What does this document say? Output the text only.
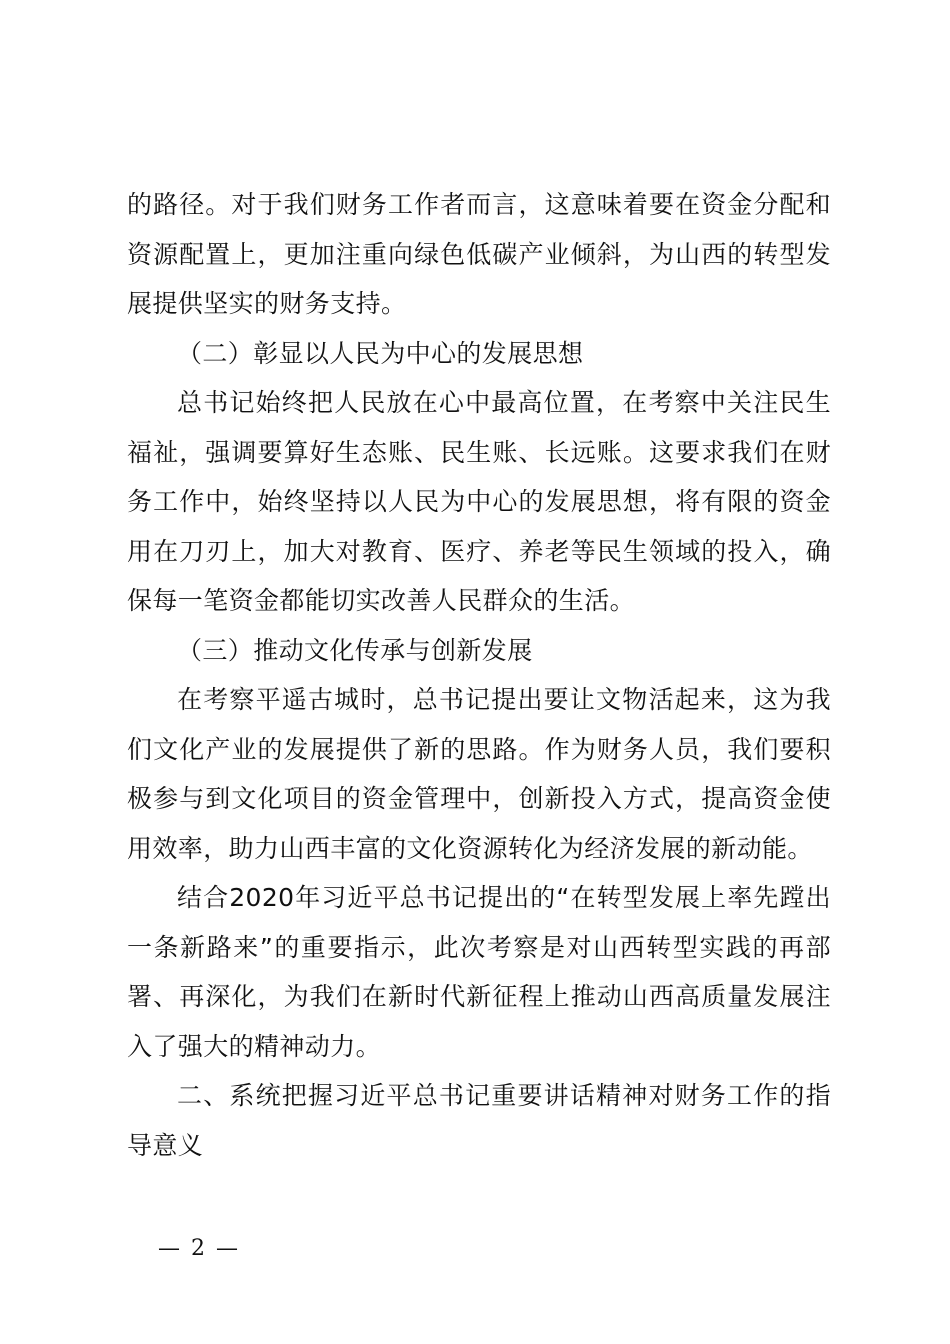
的路径。对于我们财务工作者而言，这意味着要在资金分配和资源配置上，更加注重向绿色低碳产业倾斜，为山西的转型发展提供坚实的财务支持。

（二）彰显以人民为中心的发展思想

总书记始终把人民放在心中最高位置，在考察中关注民生福祉，强调要算好生态账、民生账、长远账。这要求我们在财务工作中，始终坚持以人民为中心的发展思想，将有限的资金用在刀刃上，加大对教育、医疗、养老等民生领域的投入，确保每一笔资金都能切实改善人民群众的生活。

（三）推动文化传承与创新发展

在考察平遥古城时，总书记提出要让文物活起来，这为我们文化产业的发展提供了新的思路。作为财务人员，我们要积极参与到文化项目的资金管理中，创新投入方式，提高资金使用效率，助力山西丰富的文化资源转化为经济发展的新动能。

结合2020年习近平总书记提出的“在转型发展上率先蹚出一条新路来”的重要指示，此次考察是对山西转型实践的再部署、再深化，为我们在新时代新征程上推动山西高质量发展注入了强大的精神动力。

二、系统把握习近平总书记重要讲话精神对财务工作的指导意义

— 2 —
